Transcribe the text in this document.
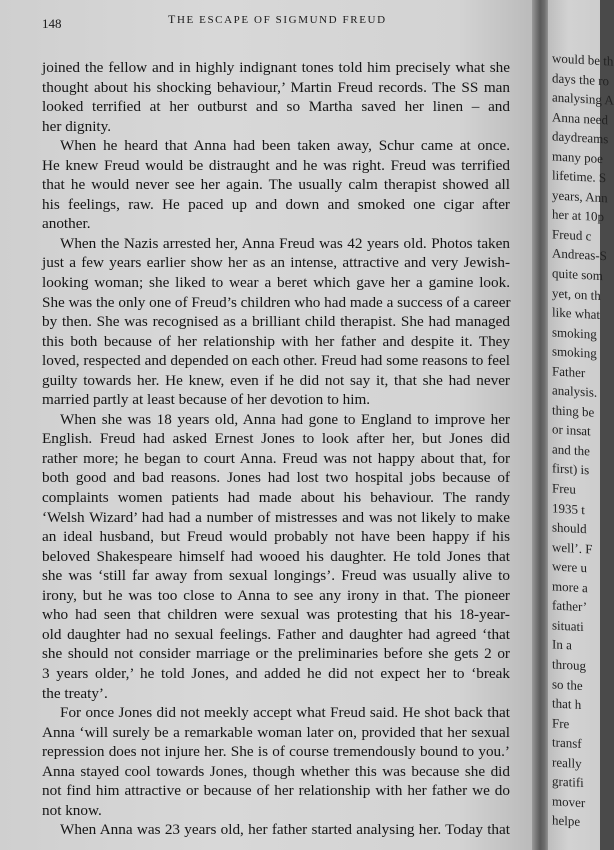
148	THE ESCAPE OF SIGMUND FREUD
joined the fellow and in highly indignant tones told him precisely what she
thought about his shocking behaviour,’ Martin Freud records. The SS man
looked terrified at her outburst and so Martha saved her linen – and
her dignity.
When he heard that Anna had been taken away, Schur came at once.
He knew Freud would be distraught and he was right. Freud was terrified
that he would never see her again. The usually calm therapist showed all
his feelings, raw. He paced up and down and smoked one cigar after
another.
When the Nazis arrested her, Anna Freud was 42 years old. Photos taken
just a few years earlier show her as an intense, attractive and very Jewish-
looking woman; she liked to wear a beret which gave her a gamine look.
She was the only one of Freud’s children who had made a success of a career
by then. She was recognised as a brilliant child therapist. She had managed
this both because of her relationship with her father and despite it. They
loved, respected and depended on each other. Freud had some reasons to feel
guilty towards her. He knew, even if he did not say it, that she had never
married partly at least because of her devotion to him.
When she was 18 years old, Anna had gone to England to improve her
English. Freud had asked Ernest Jones to look after her, but Jones did
rather more; he began to court Anna. Freud was not happy about that, for
both good and bad reasons. Jones had lost two hospital jobs because of
complaints women patients had made about his behaviour. The randy
‘Welsh Wizard’ had had a number of mistresses and was not likely to make
an ideal husband, but Freud would probably not have been happy if his
beloved Shakespeare himself had wooed his daughter. He told Jones that
she was ‘still far away from sexual longings’. Freud was usually alive to
irony, but he was too close to Anna to see any irony in that. The pioneer
who had seen that children were sexual was protesting that his 18-year-
old daughter had no sexual feelings. Father and daughter had agreed ‘that
she should not consider marriage or the preliminaries before she gets 2 or
3 years older,’ he told Jones, and added he did not expect her to ‘break
the treaty’.
For once Jones did not meekly accept what Freud said. He shot back that
Anna ‘will surely be a remarkable woman later on, provided that her sexual
repression does not injure her. She is of course tremendously bound to you.’
Anna stayed cool towards Jones, though whether this was because she did
not find him attractive or because of her relationship with her father we do
not know.
When Anna was 23 years old, her father started analysing her. Today that
would be th
days the ro
analysing A
Anna need
daydreams
many poe
lifetime. S
years, Ann
her at 10p
Freud c
Andreas-S
quite som
yet, on th
like what
smoking
smoking
Father
analysis.
thing be
or insat
and the
first) is
Freu
1935 t
should
well’. F
were u
more a
father’
situati
In a
throug
so the
that h
Fre
transf
really
gratifi
mover
helpe
